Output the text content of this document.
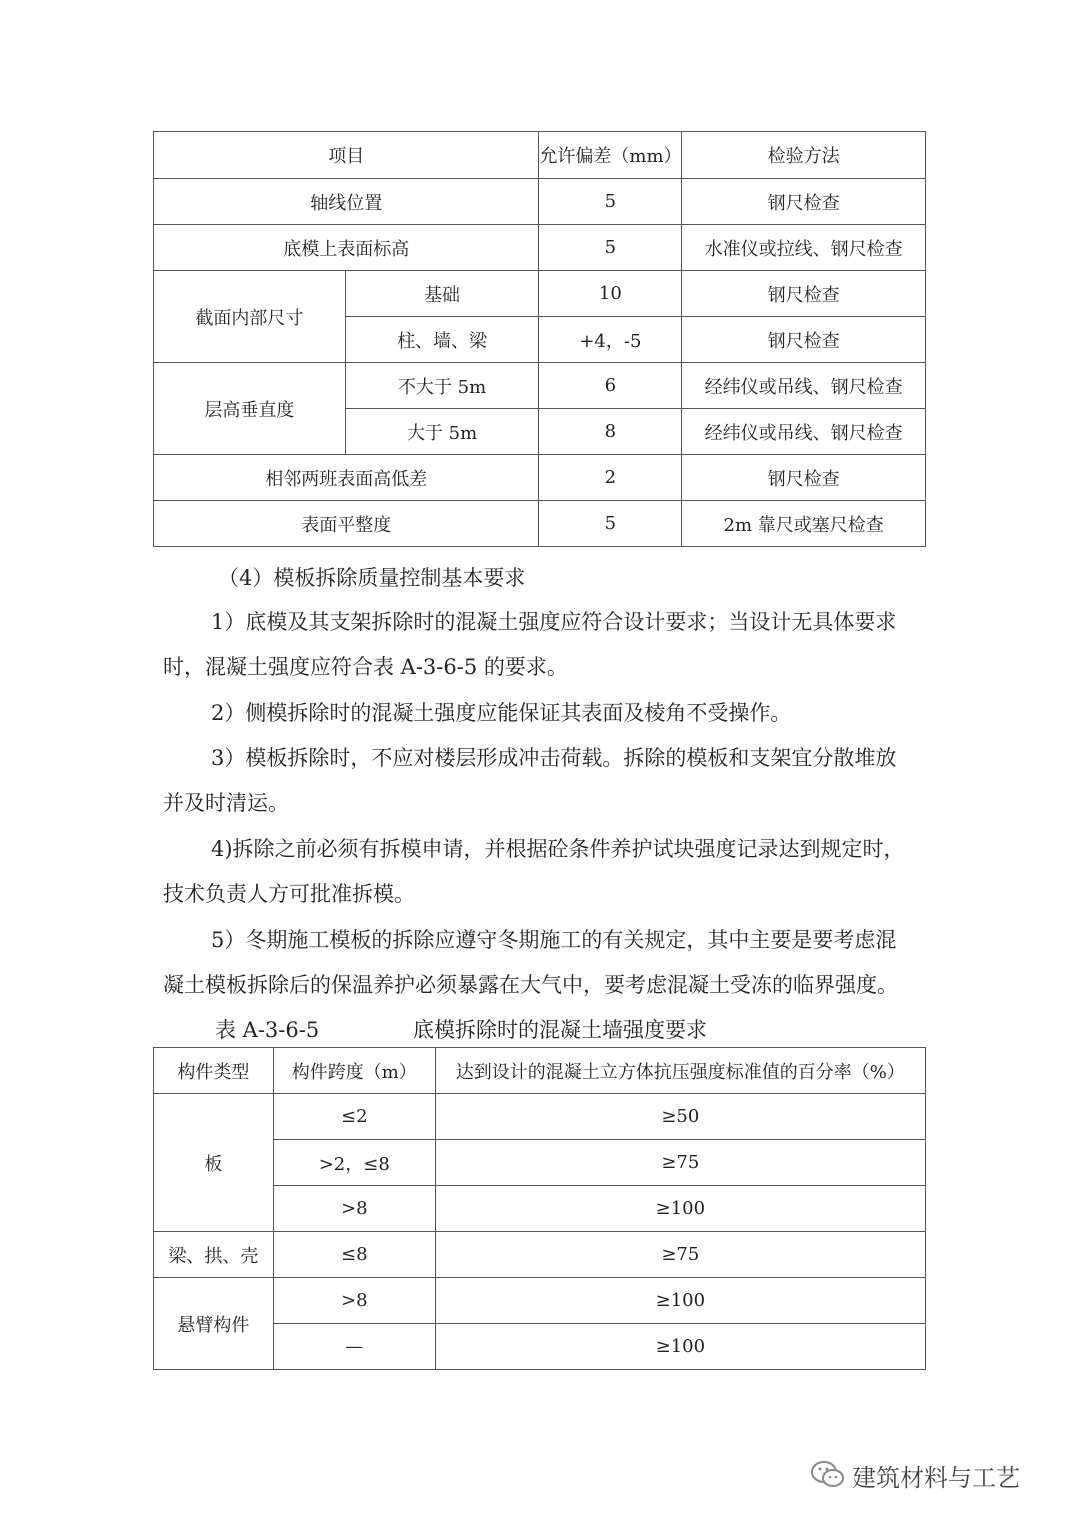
项目		允许偏差（mm）	检验方法
轴线位置		5	钢尺检查
底模上表面标高		5	水准仪或拉线、钢尺检查
截面内部尺寸	基础	10	钢尺检查
	柱、墙、梁	+4，-5	钢尺检查
层高垂直度	不大于 5m	6	经纬仪或吊线、钢尺检查
	大于 5m	8	经纬仪或吊线、钢尺检查
相邻两班表面高低差		2	钢尺检查
表面平整度		5	2m 靠尺或塞尺检查

（4）模板拆除质量控制基本要求

1）底模及其支架拆除时的混凝土强度应符合设计要求；当设计无具体要求
时，混凝土强度应符合表 A-3-6-5 的要求。
2）侧模拆除时的混凝土强度应能保证其表面及棱角不受操作。
3）模板拆除时，不应对楼层形成冲击荷载。拆除的模板和支架宜分散堆放
并及时清运。
4)拆除之前必须有拆模申请，并根据砼条件养护试块强度记录达到规定时，
技术负责人方可批准拆模。
5）冬期施工模板的拆除应遵守冬期施工的有关规定，其中主要是要考虑混
凝土模板拆除后的保温养护必须暴露在大气中，要考虑混凝土受冻的临界强度。
表 A-3-6-5	底模拆除时的混凝土墙强度要求
构件类型	构件跨度（m）	达到设计的混凝土立方体抗压强度标准值的百分率（%）
板	≤2	≥50
	>2，≤8	≥75
	>8	≥100
梁、拱、壳	≤8	≥75
悬臂构件	>8	≥100
	—	≥100
建筑材料与工艺
